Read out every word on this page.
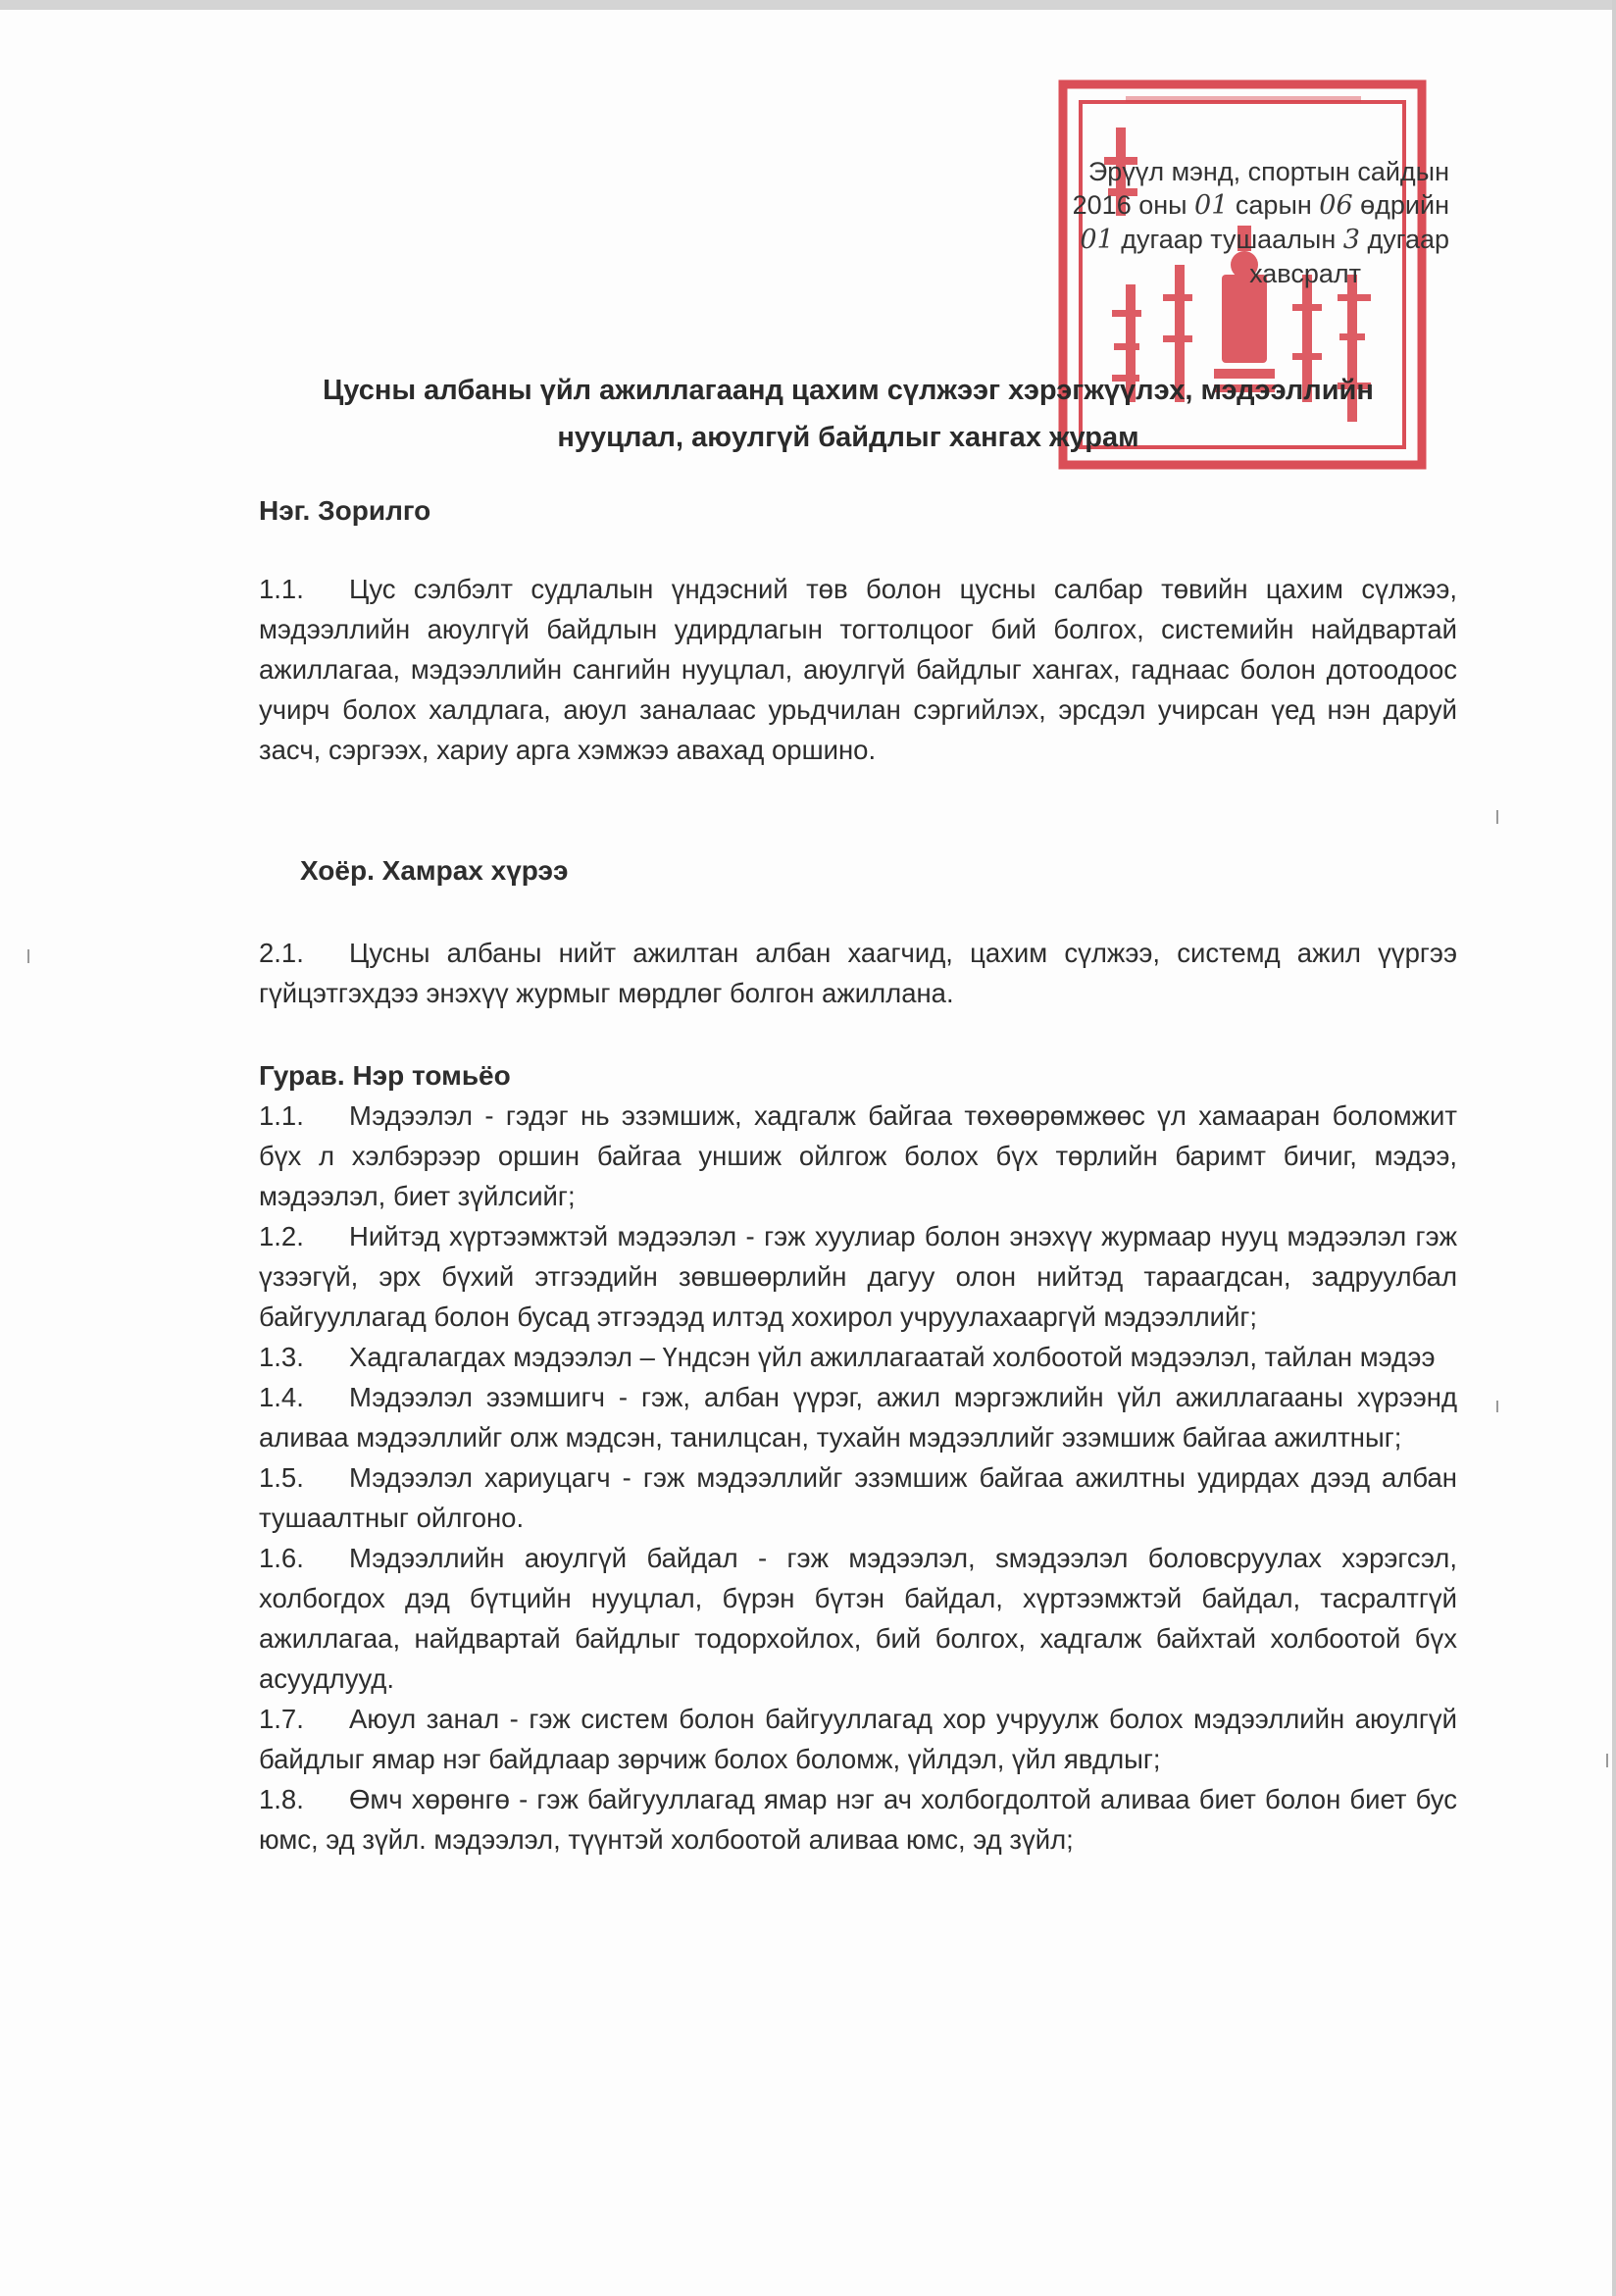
Эрүүл мэнд, спортын сайдын
2016 оны 01 сарын 06 өдрийн
01 дугаар тушаалын 3 дугаар
хавсралт
Цусны албаны үйл ажиллагаанд цахим сүлжээг хэрэгжүүлэх, мэдээллийн
нууцлал, аюулгүй байдлыг хангах журам
Нэг. Зорилго
1.1. Цус сэлбэлт судлалын үндэсний төв болон цусны салбар төвийн цахим сүлжээ, мэдээллийн аюулгүй байдлын удирдлагын тогтолцоог бий болгох, системийн найдвартай ажиллагаа, мэдээллийн сангийн нууцлал, аюулгүй байдлыг хангах, гаднаас болон дотоодоос учирч болох халдлага, аюул заналаас урьдчилан сэргийлэх, эрсдэл учирсан үед нэн даруй засч, сэргээх, хариу арга хэмжээ авахад оршино.
Хоёр. Хамрах хүрээ
2.1. Цусны албаны нийт ажилтан албан хаагчид, цахим сүлжээ, системд ажил үүргээ гүйцэтгэхдээ энэхүү журмыг мөрдлөг болгон ажиллана.
Гурав. Нэр томьёо
1.1. Мэдээлэл - гэдэг нь эзэмшиж, хадгалж байгаа төхөөрөмжөөс үл хамааран боломжит бүх л хэлбэрээр оршин байгаа уншиж ойлгож болох бүх төрлийн баримт бичиг, мэдээ, мэдээлэл, биет зүйлсийг;
1.2. Нийтэд хүртээмжтэй мэдээлэл - гэж хуулиар болон энэхүү журмаар нууц мэдээлэл гэж үзээгүй, эрх бүхий этгээдийн зөвшөөрлийн дагуу олон нийтэд тараагдсан, задруулбал байгууллагад болон бусад этгээдэд илтэд хохирол учруулахааргүй мэдээллийг;
1.3. Хадгалагдах мэдээлэл – Үндсэн үйл ажиллагаатай холбоотой мэдээлэл, тайлан мэдээ
1.4. Мэдээлэл эзэмшигч - гэж, албан үүрэг, ажил мэргэжлийн үйл ажиллагааны хүрээнд аливаа мэдээллийг олж мэдсэн, танилцсан, тухайн мэдээллийг эзэмшиж байгаа ажилтныг;
1.5. Мэдээлэл хариуцагч - гэж мэдээллийг эзэмшиж байгаа ажилтны удирдах дээд албан тушаалтныг ойлгоно.
1.6. Мэдээллийн аюулгүй байдал - гэж мэдээлэл, ѕмэдээлэл боловсруулах хэрэгсэл, холбогдох дэд бүтцийн нууцлал, бүрэн бүтэн байдал, хүртээмжтэй байдал, тасралтгүй ажиллагаа, найдвартай байдлыг тодорхойлох, бий болгох, хадгалж байхтай холбоотой бүх асуудлууд.
1.7. Аюул занал - гэж систем болон байгууллагад хор учруулж болох мэдээллийн аюулгүй байдлыг ямар нэг байдлаар зөрчиж болох боломж, үйлдэл, үйл явдлыг;
1.8. Өмч хөрөнгө - гэж байгууллагад ямар нэг ач холбогдолтой аливаа биет болон биет бус юмс, эд зүйл. мэдээлэл, түүнтэй холбоотой аливаа юмс, эд зүйл;
